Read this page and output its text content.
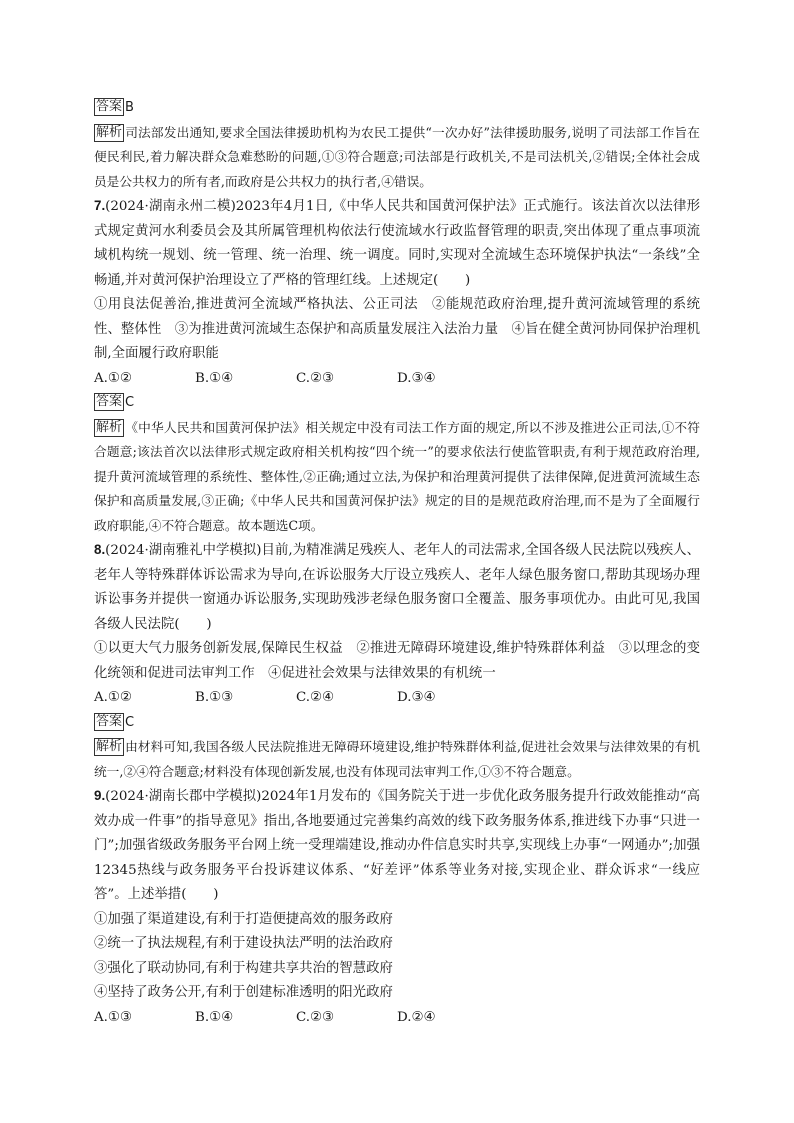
答案 B
解析 司法部发出通知,要求全国法律援助机构为农民工提供“一次办好”法律援助服务,说明了司法部工作旨在便民利民,着力解决群众急难愁盼的问题,①③符合题意;司法部是行政机关,不是司法机关,②错误;全体社会成员是公共权力的所有者,而政府是公共权力的执行者,④错误。
7.(2024·湖南永州二模)2023年4月1日,《中华人民共和国黄河保护法》正式施行。该法首次以法律形式规定黄河水利委员会及其所属管理机构依法行使流域水行政监督管理的职责,突出体现了重点事项流域机构统一规划、统一管理、统一治理、统一调度。同时,实现对全流域生态环境保护执法“一条线”全畅通,并对黄河保护治理设立了严格的管理红线。上述规定(　　)
①用良法促善治,推进黄河全流域严格执法、公正司法　②能规范政府治理,提升黄河流域管理的系统性、整体性　③为推进黄河流域生态保护和高质量发展注入法治力量　④旨在健全黄河协同保护治理机制,全面履行政府职能
A.①②	B.①④	C.②③	D.③④
答案 C
解析 《中华人民共和国黄河保护法》相关规定中没有司法工作方面的规定,所以不涉及推进公正司法,①不符合题意;该法首次以法律形式规定政府相关机构按“四个统一”的要求依法行使监管职责,有利于规范政府治理,提升黄河流域管理的系统性、整体性,②正确;通过立法,为保护和治理黄河提供了法律保障,促进黄河流域生态保护和高质量发展,③正确;《中华人民共和国黄河保护法》规定的目的是规范政府治理,而不是为了全面履行政府职能,④不符合题意。故本题选C项。
8.(2024·湖南雅礼中学模拟)目前,为精准满足残疾人、老年人的司法需求,全国各级人民法院以残疾人、老年人等特殊群体诉讼需求为导向,在诉讼服务大厅设立残疾人、老年人绿色服务窗口,帮助其现场办理诉讼事务并提供一窗通办诉讼服务,实现助残涉老绿色服务窗口全覆盖、服务事项优办。由此可见,我国各级人民法院(　　)
①以更大气力服务创新发展,保障民生权益　②推进无障碍环境建设,维护特殊群体利益　③以理念的变化统领和促进司法审判工作　④促进社会效果与法律效果的有机统一
A.①②	B.①③	C.②④	D.③④
答案 C
解析 由材料可知,我国各级人民法院推进无障碍环境建设,维护特殊群体利益,促进社会效果与法律效果的有机统一,②④符合题意;材料没有体现创新发展,也没有体现司法审判工作,①③不符合题意。
9.(2024·湖南长郡中学模拟)2024年1月发布的《国务院关于进一步优化政务服务提升行政效能推动“高效办成一件事”的指导意见》指出,各地要通过完善集约高效的线下政务服务体系,推进线下办事“只进一门”;加强省级政务服务平台网上统一受理端建设,推动办件信息实时共享,实现线上办事“一网通办”;加强12345热线与政务服务平台投诉建议体系、“好差评”体系等业务对接,实现企业、群众诉求“一线应答”。上述举措(　　)
①加强了渠道建设,有利于打造便捷高效的服务政府
②统一了执法规程,有利于建设执法严明的法治政府
③强化了联动协同,有利于构建共享共治的智慧政府
④坚持了政务公开,有利于创建标准透明的阳光政府
A.①③	B.①④	C.②③	D.②④
